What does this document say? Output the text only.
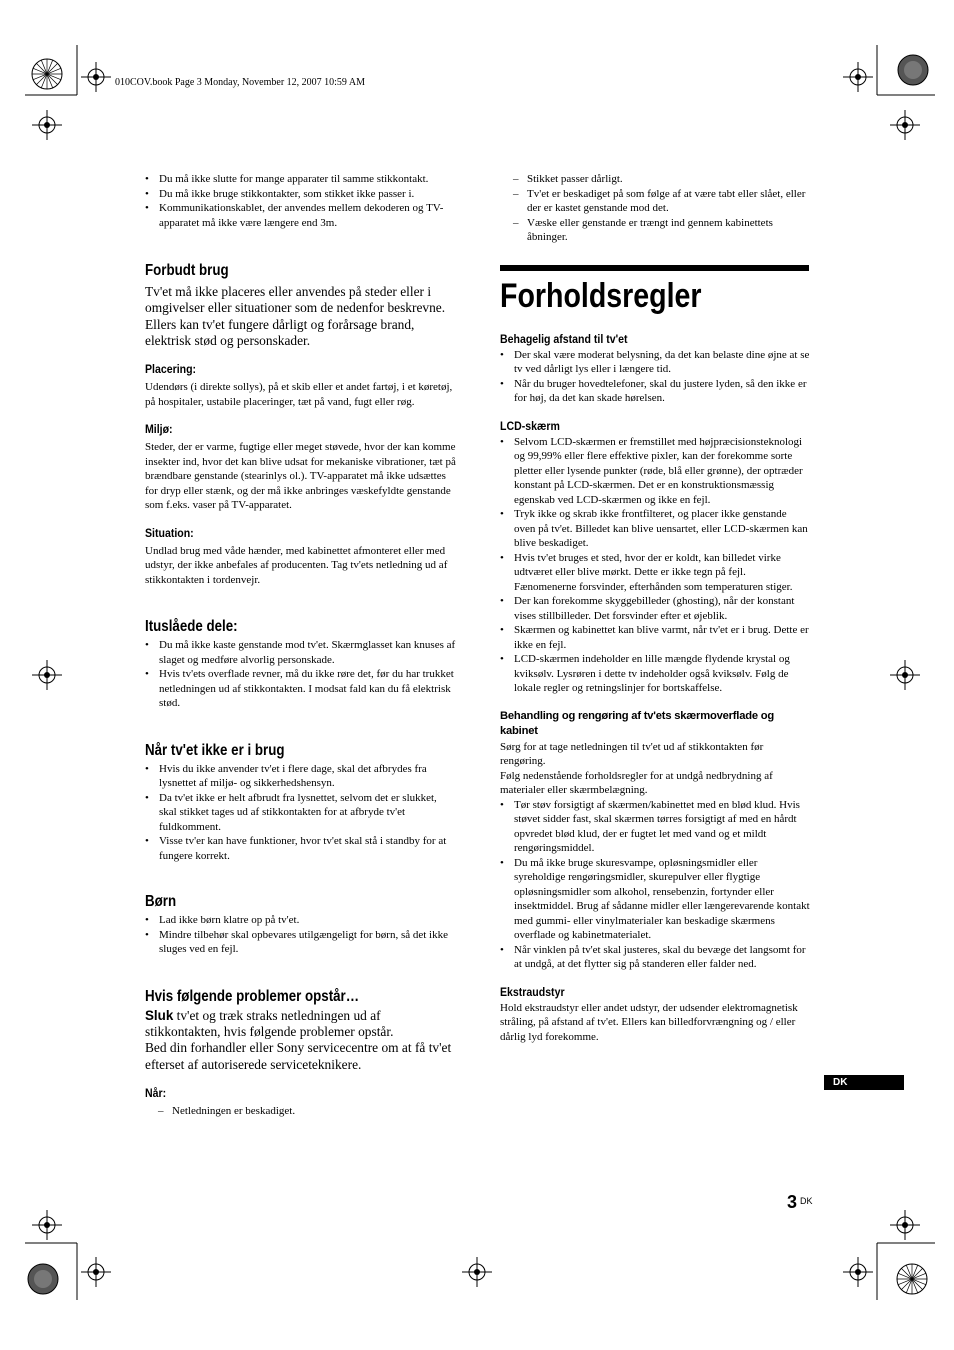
010COV.book Page 3 Monday, November 12, 2007 10:59 AM
• Du må ikke slutte for mange apparater til samme stikkontakt.
• Du må ikke bruge stikkontakter, som stikket ikke passer i.
• Kommunikationskablet, der anvendes mellem dekoderen og TV-apparatet må ikke være længere end 3m.
Forbudt brug

Tv'et må ikke placeres eller anvendes på steder eller i omgivelser eller situationer som de nedenfor beskrevne. Ellers kan tv'et fungere dårligt og forårsage brand, elektrisk stød og personskader.

Placering:

Udendørs (i direkte sollys), på et skib eller et andet fartøj, i et køretøj, på hospitaler, ustabile placeringer, tæt på vand, fugt eller røg.

Miljø:

Steder, der er varme, fugtige eller meget støvede, hvor der kan komme insekter ind, hvor det kan blive udsat for mekaniske vibrationer, tæt på brændbare genstande (stearinlys ol.). TV-apparatet må ikke udsættes for dryp eller stænk, og der må ikke anbringes væskefyldte genstande som f.eks. vaser på TV-apparatet.

Situation:

Undlad brug med våde hænder, med kabinettet afmonteret eller med udstyr, der ikke anbefales af producenten. Tag tv'ets netledning ud af stikkontakten i tordenvejr.

Ituslåede dele:
• Du må ikke kaste genstande mod tv'et. Skærmglasset kan knuses af slaget og medføre alvorlig personskade.
• Hvis tv'ets overflade revner, må du ikke røre det, før du har trukket netledningen ud af stikkontakten. I modsat fald kan du få elektrisk stød.
Når tv'et ikke er i brug
• Hvis du ikke anvender tv'et i flere dage, skal det afbrydes fra lysnettet af miljø- og sikkerhedshensyn.
• Da tv'et ikke er helt afbrudt fra lysnettet, selvom det er slukket, skal stikket tages ud af stikkontakten for at afbryde tv'et fuldkomment.
• Visse tv'er kan have funktioner, hvor tv'et skal stå i standby for at fungere korrekt.
Børn
• Lad ikke børn klatre op på tv'et.
• Mindre tilbehør skal opbevares utilgængeligt for børn, så det ikke sluges ved en fejl.
Hvis følgende problemer opstår…

Sluk tv'et og træk straks netledningen ud af stikkontakten, hvis følgende problemer opstår.

Bed din forhandler eller Sony servicecentre om at få tv'et efterset af autoriserede serviceteknikere.

Når:
– Netledningen er beskadiget.
– Stikket passer dårligt.
– Tv'et er beskadiget på som følge af at være tabt eller slået, eller der er kastet genstande mod det.
– Væske eller genstande er trængt ind gennem kabinettets åbninger.
Forholdsregler
Behagelig afstand til tv'et
• Der skal være moderat belysning, da det kan belaste dine øjne at se tv ved dårligt lys eller i længere tid.
• Når du bruger hovedtelefoner, skal du justere lyden, så den ikke er for høj, da det kan skade hørelsen.
LCD-skærm
• Selvom LCD-skærmen er fremstillet med højpræcisionsteknologi og 99,99% eller flere effektive pixler, kan der forekomme sorte pletter eller lysende punkter (røde, blå eller grønne), der optræder konstant på LCD-skærmen. Det er en konstruktionsmæssig egenskab ved LCD-skærmen og ikke en fejl.
• Tryk ikke og skrab ikke frontfilteret, og placer ikke genstande oven på tv'et. Billedet kan blive uensartet, eller LCD-skærmen kan blive beskadiget.
• Hvis tv'et bruges et sted, hvor der er koldt, kan billedet virke udtværet eller blive mørkt. Dette er ikke tegn på fejl. Fænomenerne forsvinder, efterhånden som temperaturen stiger.
• Der kan forekomme skyggebilleder (ghosting), når der konstant vises stillbilleder. Det forsvinder efter et øjeblik.
• Skærmen og kabinettet kan blive varmt, når tv'et er i brug. Dette er ikke en fejl.
• LCD-skærmen indeholder en lille mængde flydende krystal og kviksølv. Lysrøren i dette tv indeholder også kviksølv. Følg de lokale regler og retningslinjer for bortskaffelse.
Behandling og rengøring af tv'ets skærmoverflade og kabinet

Sørg for at tage netledningen til tv'et ud af stikkontakten før rengøring.

Følg nedenstående forholdsregler for at undgå nedbrydning af materialer eller skærmbelægning.

• Tør støv forsigtigt af skærmen/kabinettet med en blød klud. Hvis støvet sidder fast, skal skærmen tørres forsigtigt af med en hårdt opvredet blød klud, der er fugtet let med vand og et mildt rengøringsmiddel.
• Du må ikke bruge skuresvampe, opløsningsmidler eller syreholdige rengøringsmidler, skurepulver eller flygtige opløsningsmidler som alkohol, rensebenzin, fortynder eller insektmiddel. Brug af sådanne midler eller længerevarende kontakt med gummi- eller vinylmaterialer kan beskadige skærmens overflade og kabinetmaterialet.
• Når vinklen på tv'et skal justeres, skal du bevæge det langsomt for at undgå, at det flytter sig på standeren eller falder ned.
Ekstraudstyr

Hold ekstraudstyr eller andet udstyr, der udsender elektromagnetisk stråling, på afstand af tv'et. Ellers kan billedforvrængning og / eller dårlig lyd forekomme.

DK
3 $^{DK}$
